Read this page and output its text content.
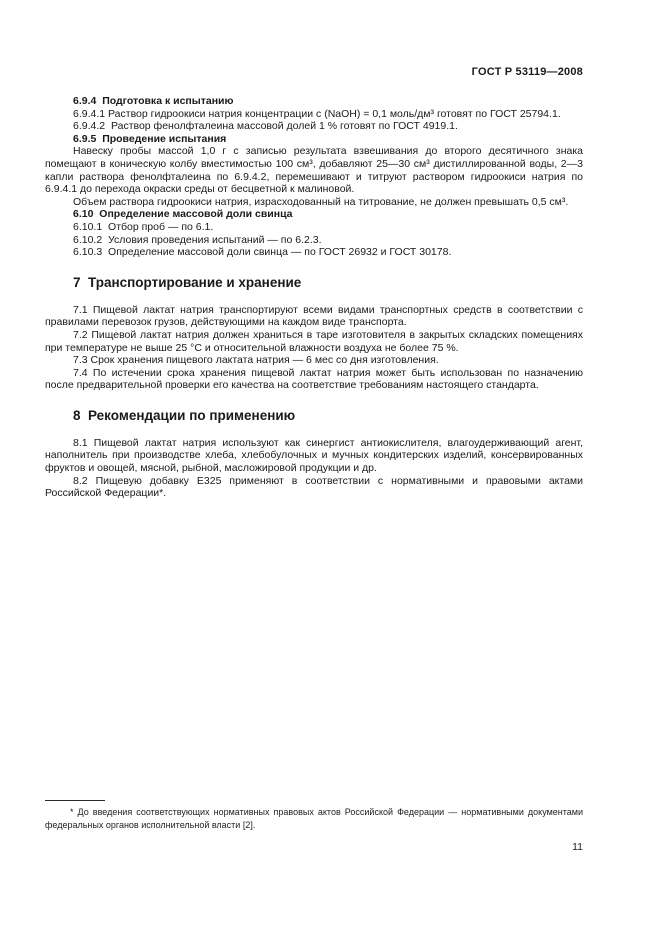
ГОСТ Р 53119—2008

6.9.4  Подготовка к испытанию

6.9.4.1 Раствор гидроокиси натрия концентрации с (NaOH) = 0,1 моль/дм³ готовят по ГОСТ 25794.1.

6.9.4.2  Раствор фенолфталеина массовой долей 1 % готовят по ГОСТ 4919.1.

6.9.5  Проведение испытания

Навеску пробы массой 1,0 г с записью результата взвешивания до второго десятичного знака помещают в коническую колбу вместимостью 100 см³, добавляют 25—30 см³ дистиллированной воды, 2—3 капли раствора фенолфталеина по 6.9.4.2, перемешивают и титруют раствором гидроокиси натрия по 6.9.4.1 до перехода окраски среды от бесцветной к малиновой.

Объем раствора гидроокиси натрия, израсходованный на титрование, не должен превышать 0,5 см³.

6.10  Определение массовой доли свинца

6.10.1  Отбор проб — по 6.1.

6.10.2  Условия проведения испытаний — по 6.2.3.

6.10.3  Определение массовой доли свинца — по ГОСТ 26932 и ГОСТ 30178.

7  Транспортирование и хранение

7.1 Пищевой лактат натрия транспортируют всеми видами транспортных средств в соответствии с правилами перевозок грузов, действующими на каждом виде транспорта.

7.2 Пищевой лактат натрия должен храниться в таре изготовителя в закрытых складских помещениях при температуре не выше 25 °С и относительной влажности воздуха не более 75 %.

7.3 Срок хранения пищевого лактата натрия — 6 мес со дня изготовления.

7.4 По истечении срока хранения пищевой лактат натрия может быть использован по назначению после предварительной проверки его качества на соответствие требованиям настоящего стандарта.

8  Рекомендации по применению

8.1 Пищевой лактат натрия используют как синергист антиокислителя, влагоудерживающий агент, наполнитель при производстве хлеба, хлебобулочных и мучных кондитерских изделий, консервированных фруктов и овощей, мясной, рыбной, масложировой продукции и др.

8.2 Пищевую добавку Е325 применяют в соответствии с нормативными и правовыми актами Российской Федерации*.

* До введения соответствующих нормативных правовых актов Российской Федерации — нормативными документами федеральных органов исполнительной власти [2].

11
